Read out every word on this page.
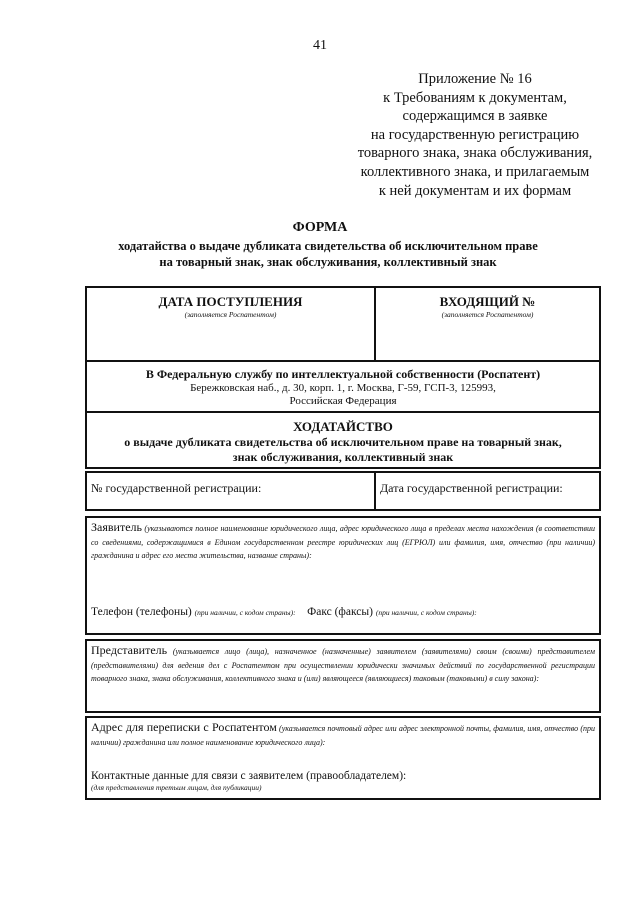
41
Приложение № 16
к Требованиям к документам,
содержащимся в заявке
на государственную регистрацию
товарного знака, знака обслуживания,
коллективного знака, и прилагаемым
к ней документам и их формам
ФОРМА
ходатайства о выдаче дубликата свидетельства об исключительном праве
на товарный знак, знак обслуживания, коллективный знак
ДАТА ПОСТУПЛЕНИЯ
(заполняется Роспатентом)
ВХОДЯЩИЙ №
(заполняется Роспатентом)
В Федеральную службу по интеллектуальной собственности (Роспатент)
Бережковская наб., д. 30, корп. 1, г. Москва, Г-59, ГСП-3, 125993,
Российская Федерация
ХОДАТАЙСТВО
о выдаче дубликата свидетельства об исключительном праве на товарный знак,
знак обслуживания, коллективный знак
№ государственной регистрации:	Дата государственной регистрации:
Заявитель (указываются полное наименование юридического лица, адрес юридического лица в пределах места нахождения (в соответствии со сведениями, содержащимися в Едином государственном реестре юридических лиц (ЕГРЮЛ) или фамилия, имя, отчество (при наличии) гражданина и адрес его места жительства, название страны):
Телефон (телефоны) (при наличии, с кодом страны): Факс (факсы) (при наличии, с кодом страны):
Представитель (указывается лицо (лица), назначенное (назначенные) заявителем (заявителями) своим (своими) представителем (представителями) для ведения дел с Роспатентом при осуществлении юридически значимых действий по государственной регистрации товарного знака, знака обслуживания, коллективного знака и (или) являющееся (являющиеся) таковым (таковыми) в силу закона):
Адрес для переписки с Роспатентом (указывается почтовый адрес или адрес электронной почты, фамилия, имя, отчество (при наличии) гражданина или полное наименование юридического лица):
Контактные данные для связи с заявителем (правообладателем):
(для представления третьим лицам, для публикации)
